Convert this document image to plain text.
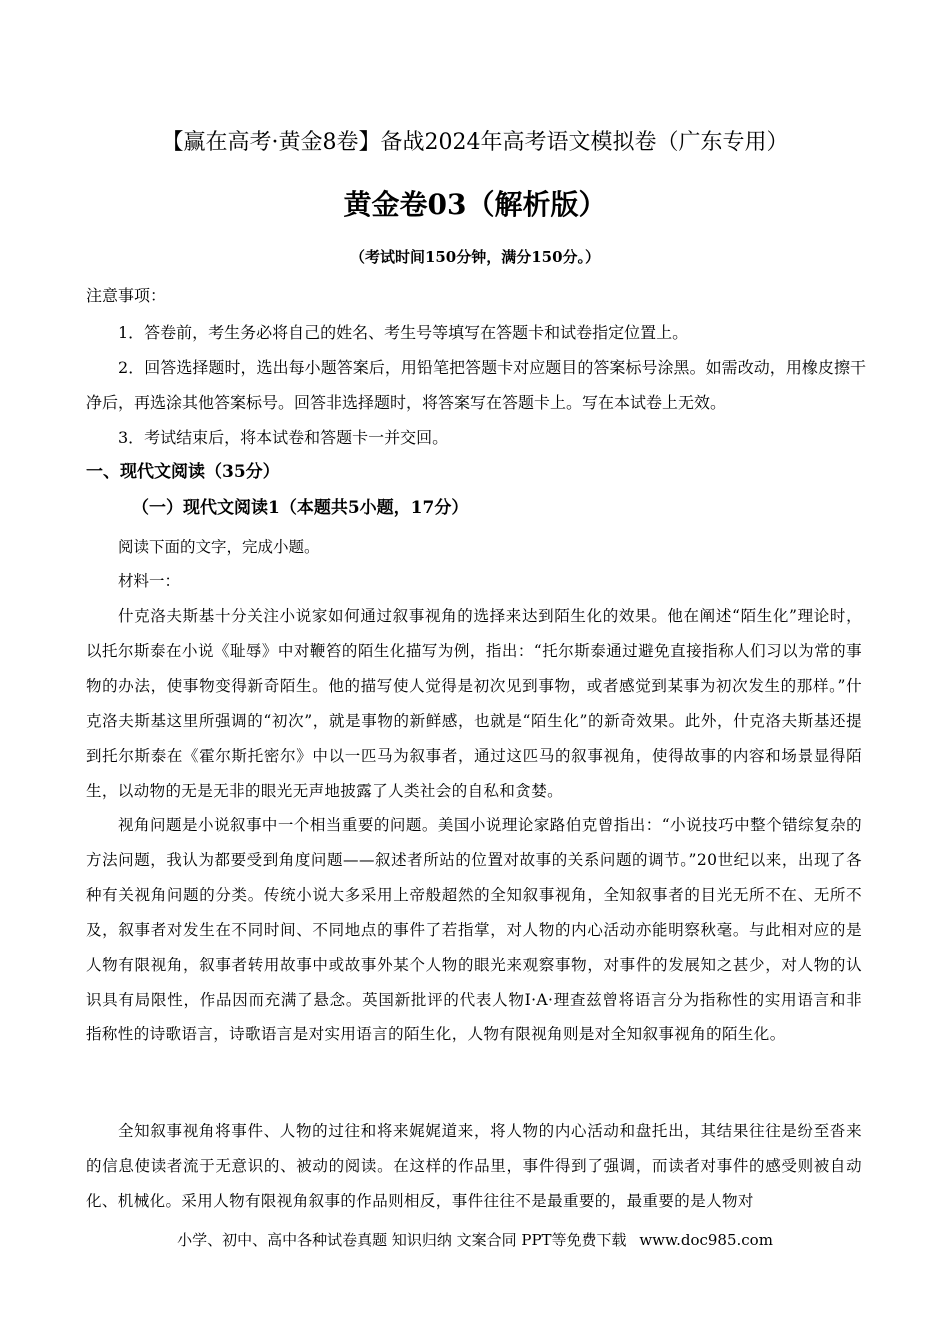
【赢在高考·黄金8卷】备战2024年高考语文模拟卷（广东专用）
黄金卷03（解析版）
（考试时间150分钟，满分150分。）
注意事项：
1．答卷前，考生务必将自己的姓名、考生号等填写在答题卡和试卷指定位置上。
2．回答选择题时，选出每小题答案后，用铅笔把答题卡对应题目的答案标号涂黑。如需改动，用橡皮擦干净后，再选涂其他答案标号。回答非选择题时，将答案写在答题卡上。写在本试卷上无效。
3．考试结束后，将本试卷和答题卡一并交回。
一、现代文阅读（35分）
（一）现代文阅读1（本题共5小题，17分）
阅读下面的文字，完成小题。
材料一：
什克洛夫斯基十分关注小说家如何通过叙事视角的选择来达到陌生化的效果。他在阐述“陌生化”理论时，以托尔斯泰在小说《耻辱》中对鞭笞的陌生化描写为例，指出：“托尔斯泰通过避免直接指称人们习以为常的事物的办法，使事物变得新奇陌生。他的描写使人觉得是初次见到事物，或者感觉到某事为初次发生的那样。”什克洛夫斯基这里所强调的“初次”，就是事物的新鲜感，也就是“陌生化”的新奇效果。此外，什克洛夫斯基还提到托尔斯泰在《霍尔斯托密尔》中以一匹马为叙事者，通过这匹马的叙事视角，使得故事的内容和场景显得陌生，以动物的无是无非的眼光无声地披露了人类社会的自私和贪婪。
视角问题是小说叙事中一个相当重要的问题。美国小说理论家路伯克曾指出：“小说技巧中整个错综复杂的方法问题，我认为都要受到角度问题——叙述者所站的位置对故事的关系问题的调节。”20世纪以来，出现了各种有关视角问题的分类。传统小说大多采用上帝般超然的全知叙事视角，全知叙事者的目光无所不在、无所不及，叙事者对发生在不同时间、不同地点的事件了若指掌，对人物的内心活动亦能明察秋毫。与此相对应的是人物有限视角，叙事者转用故事中或故事外某个人物的眼光来观察事物，对事件的发展知之甚少，对人物的认识具有局限性，作品因而充满了悬念。英国新批评的代表人物I·A·理查兹曾将语言分为指称性的实用语言和非指称性的诗歌语言，诗歌语言是对实用语言的陌生化，人物有限视角则是对全知叙事视角的陌生化。
全知叙事视角将事件、人物的过往和将来娓娓道来，将人物的内心活动和盘托出，其结果往往是纷至沓来的信息使读者流于无意识的、被动的阅读。在这样的作品里，事件得到了强调，而读者对事件的感受则被自动化、机械化。采用人物有限视角叙事的作品则相反，事件往往不是最重要的，最重要的是人物对
小学、初中、高中各种试卷真题 知识归纳 文案合同 PPT等免费下载 www.doc985.com
